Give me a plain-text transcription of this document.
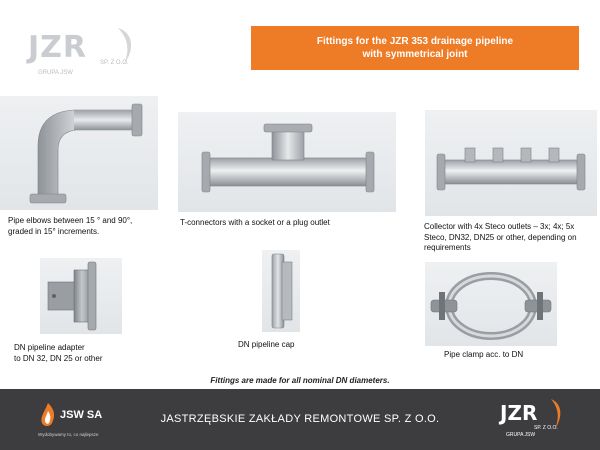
JZR SP. Z O.O.
GRUPA JSW
Fittings for the JZR 353 drainage pipeline
with symmetrical joint
Pipe elbows between 15 ° and 90°,
graded in 15° increments.
T-connectors with a socket or a plug outlet	Collector with 4x Steco outlets – 3x; 4x; 5x
Steco, DN32, DN25 or other, depending on
requirements
DN pipeline adapter
to DN 32, DN 25 or other
DN pipeline cap
Pipe clamp acc. to DN
Fittings are made for all nominal DN diameters.
JSW SA
Wydobywamy to, co najlepsze
JASTRZĘBSKIE ZAKŁADY REMONTOWE SP. Z O.O.	JZR
SP. Z O.O.
GRUPA JSW
